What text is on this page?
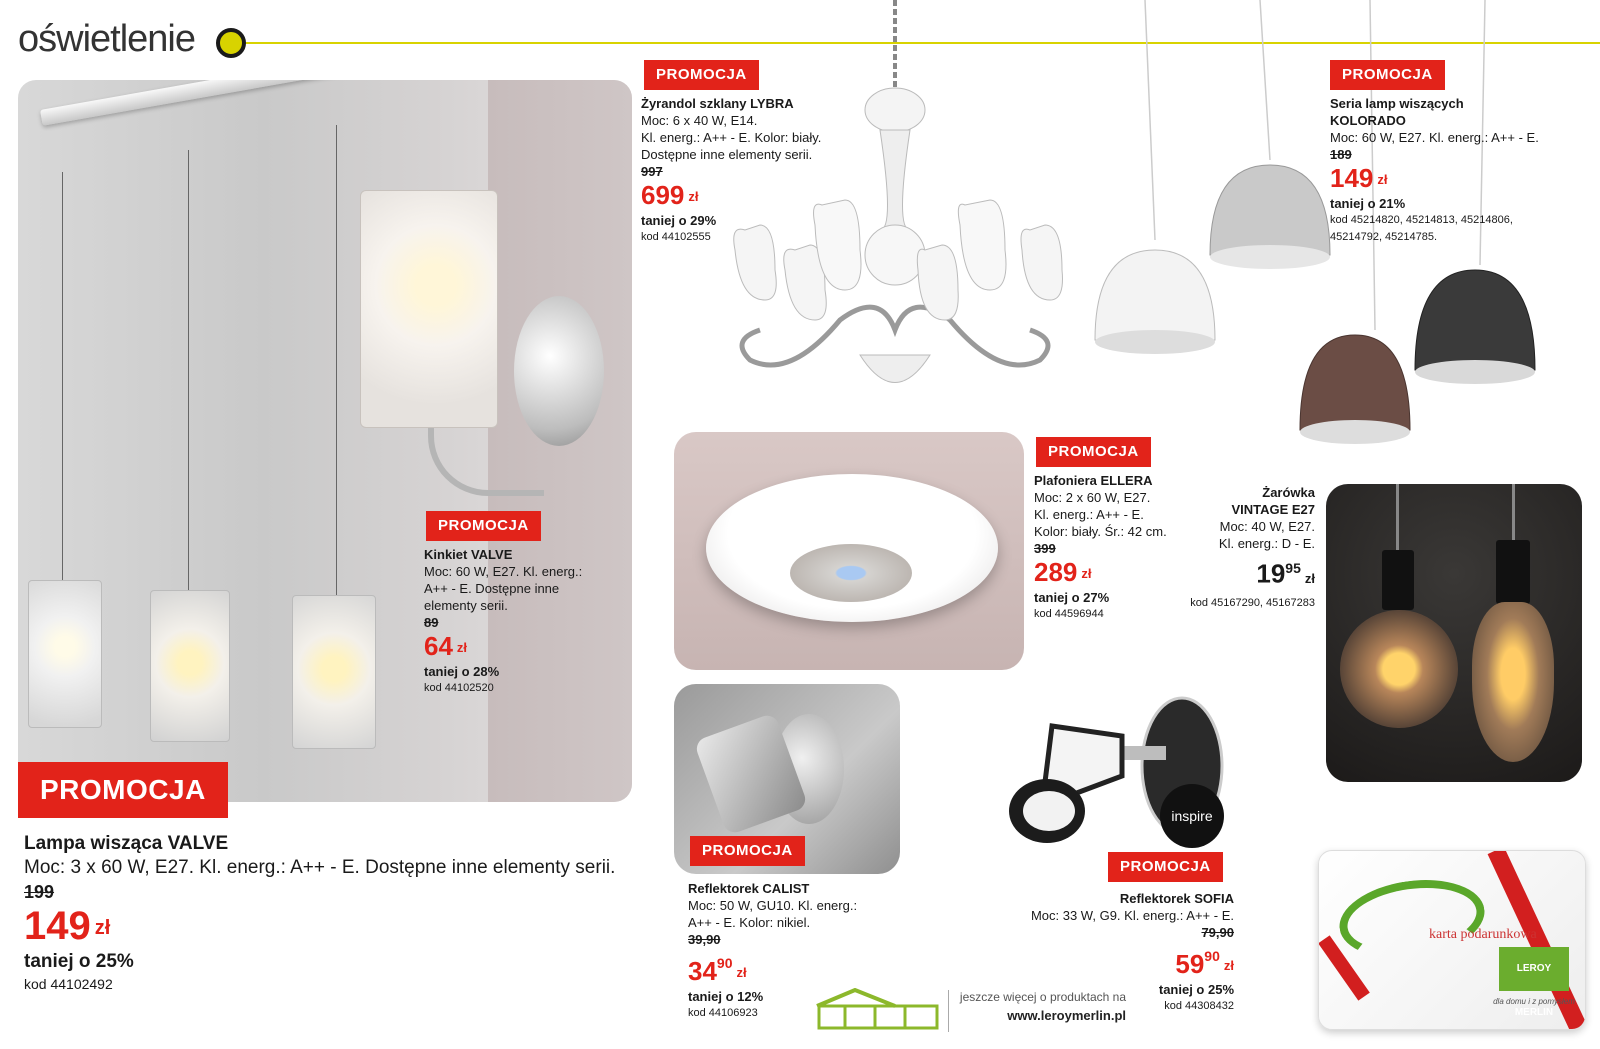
oświetlenie
PROMOCJA
Lampa wisząca VALVE
Moc: 3 x 60 W, E27. Kl. energ.: A++ - E. Dostępne inne elementy serii.
199
149 zł
taniej o 25%
kod 44102492
PROMOCJA
Kinkiet VALVE
Moc: 60 W, E27. Kl. energ.:
A++ - E. Dostępne inne
elementy serii.
89
64 zł
taniej o 28%
kod 44102520
PROMOCJA
Żyrandol szklany LYBRA
Moc: 6 x 40 W, E14.
Kl. energ.: A++ - E. Kolor: biały.
Dostępne inne elementy serii.
997
699 zł
taniej o 29%
kod 44102555
PROMOCJA
Seria lamp wiszących
KOLORADO
Moc: 60 W, E27. Kl. energ.: A++ - E.
189
149 zł
taniej o 21%
kod 45214820, 45214813, 45214806,
45214792, 45214785.
PROMOCJA
Plafoniera ELLERA
Moc: 2 x 60 W, E27.
Kl. energ.: A++ - E.
Kolor: biały. Śr.: 42 cm.
399
289 zł
taniej o 27%
kod 44596944
Żarówka
VINTAGE E27
Moc: 40 W, E27.
Kl. energ.: D - E.
$19^{95}zł$
kod 45167290, 45167283
PROMOCJA
Reflektorek CALIST
Moc: 50 W, GU10. Kl. energ.:
A++ - E. Kolor: nikiel.
39,90
$34^{90}zł$
taniej o 12%
kod 44106923
inspire
PROMOCJA
Reflektorek SOFIA
Moc: 33 W, G9. Kl. energ.: A++ - E.
79,90
$59^{90}zł$
taniej o 25%
kod 44308432
jeszcze więcej o produktach na
www.leroymerlin.pl
karta podarunkowa
LEROY MERLIN
dla domu i z pomysłem
